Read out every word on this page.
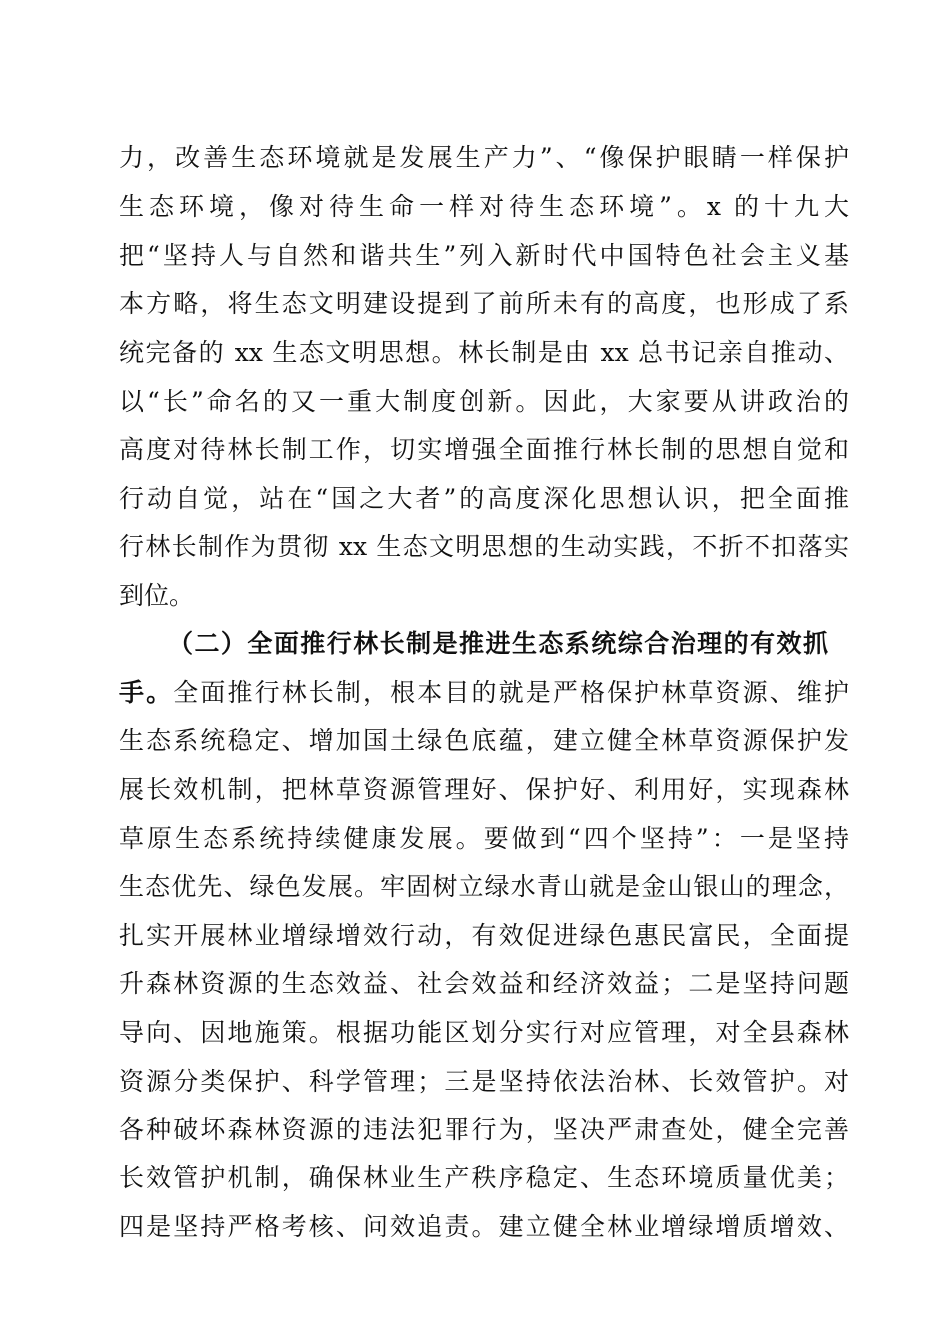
力，改善生态环境就是发展生产力”、“像保护眼睛一样保护
生态环境，像对待生命一样对待生态环境”。x 的十九大
把“坚持人与自然和谐共生”列入新时代中国特色社会主义基
本方略，将生态文明建设提到了前所未有的高度，也形成了系
统完备的 xx 生态文明思想。林长制是由 xx 总书记亲自推动、
以“长”命名的又一重大制度创新。因此，大家要从讲政治的
高度对待林长制工作，切实增强全面推行林长制的思想自觉和
行动自觉，站在“国之大者”的高度深化思想认识，把全面推
行林长制作为贯彻 xx 生态文明思想的生动实践，不折不扣落实
到位。
（二）全面推行林长制是推进生态系统综合治理的有效抓
手。全面推行林长制，根本目的就是严格保护林草资源、维护
生态系统稳定、增加国土绿色底蕴，建立健全林草资源保护发
展长效机制，把林草资源管理好、保护好、利用好，实现森林
草原生态系统持续健康发展。要做到“四个坚持”：一是坚持
生态优先、绿色发展。牢固树立绿水青山就是金山银山的理念，
扎实开展林业增绿增效行动，有效促进绿色惠民富民，全面提
升森林资源的生态效益、社会效益和经济效益；二是坚持问题
导向、因地施策。根据功能区划分实行对应管理，对全县森林
资源分类保护、科学管理；三是坚持依法治林、长效管护。对
各种破坏森林资源的违法犯罪行为，坚决严肃查处，健全完善
长效管护机制，确保林业生产秩序稳定、生态环境质量优美；
四是坚持严格考核、问效追责。建立健全林业增绿增质增效、
